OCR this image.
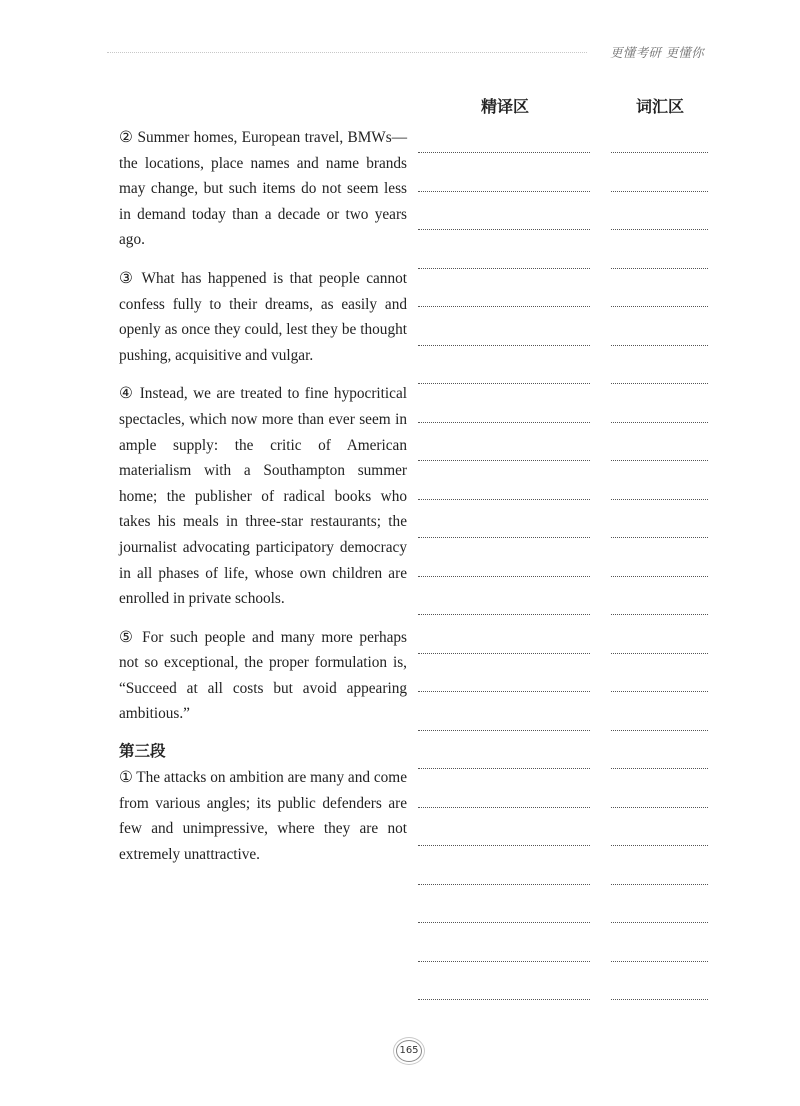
更懂考研 更懂你
精译区	词汇区

② Summer homes, European travel, BMWs—the locations, place names and name brands may change, but such items do not seem less in demand today than a decade or two years ago.

③ What has happened is that people cannot confess fully to their dreams, as easily and openly as once they could, lest they be thought pushing, acquisitive and vulgar.

④ Instead, we are treated to fine hypocritical spectacles, which now more than ever seem in ample supply: the critic of American materialism with a Southampton summer home; the publisher of radical books who takes his meals in three-star restaurants; the journalist advocating participatory democracy in all phases of life, whose own children are enrolled in private schools.

⑤ For such people and many more perhaps not so exceptional, the proper formulation is, “Succeed at all costs but avoid appearing ambitious.”

第三段

① The attacks on ambition are many and come from various angles; its public defenders are few and unimpressive, where they are not extremely unattractive.

165
